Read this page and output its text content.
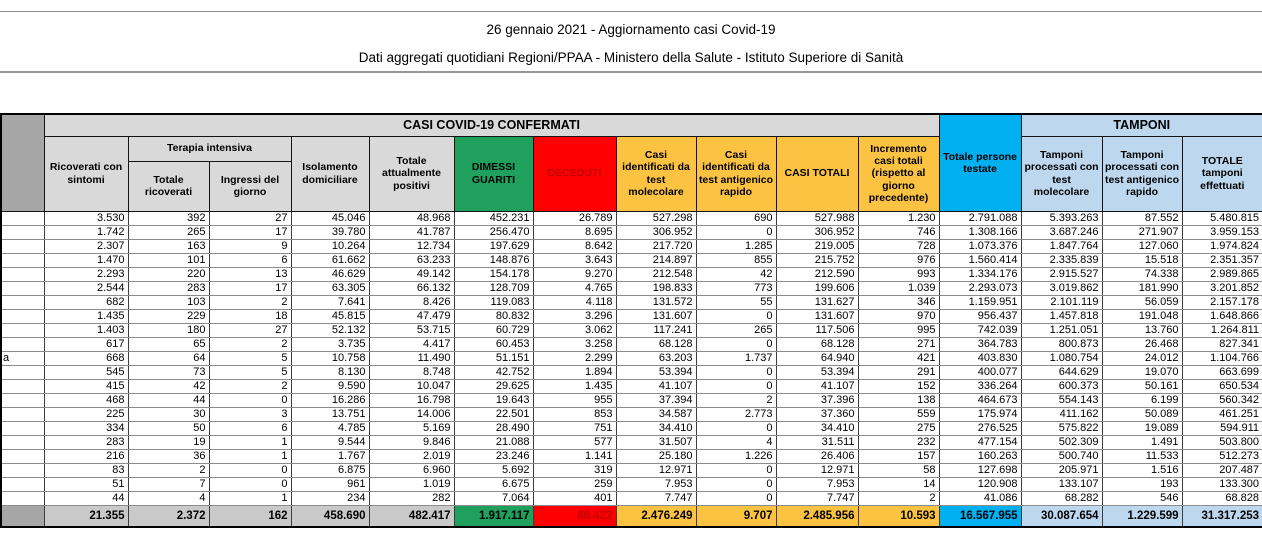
26 gennaio 2021 - Aggiornamento casi Covid-19
Dati aggregati quotidiani Regioni/PPAA - Ministero della Salute - Istituto Superiore di Sanità
	CASI COVID-19 CONFERMATI											Totale persone testate	TAMPONI		
	Ricoverati con sintomi	Terapia intensiva		Isolamento domiciliare	Totale attualmente positivi	DIMESSI GUARITI	DECEDUTI	Casi identificati da test molecolare	Casi identificati da test antigenico rapido	CASI TOTALI	Incremento casi totali (rispetto al giorno precedente)		Tamponi processati con test molecolare	Tamponi processati con test antigenico rapido	TOTALE tamponi effettuati
		Totale ricoverati	Ingressi del giorno												
	3.530	392	27	45.046	48.968	452.231	26.789	527.298	690	527.988	1.230	2.791.088	5.393.263	87.552	5.480.815
	1.742	265	17	39.780	41.787	256.470	8.695	306.952	0	306.952	746	1.308.166	3.687.246	271.907	3.959.153
	2.307	163	9	10.264	12.734	197.629	8.642	217.720	1.285	219.005	728	1.073.376	1.847.764	127.060	1.974.824
	1.470	101	6	61.662	63.233	148.876	3.643	214.897	855	215.752	976	1.560.414	2.335.839	15.518	2.351.357
	2.293	220	13	46.629	49.142	154.178	9.270	212.548	42	212.590	993	1.334.176	2.915.527	74.338	2.989.865
	2.544	283	17	63.305	66.132	128.709	4.765	198.833	773	199.606	1.039	2.293.073	3.019.862	181.990	3.201.852
	682	103	2	7.641	8.426	119.083	4.118	131.572	55	131.627	346	1.159.951	2.101.119	56.059	2.157.178
	1.435	229	18	45.815	47.479	80.832	3.296	131.607	0	131.607	970	956.437	1.457.818	191.048	1.648.866
	1.403	180	27	52.132	53.715	60.729	3.062	117.241	265	117.506	995	742.039	1.251.051	13.760	1.264.811
	617	65	2	3.735	4.417	60.453	3.258	68.128	0	68.128	271	364.783	800.873	26.468	827.341
a	668	64	5	10.758	11.490	51.151	2.299	63.203	1.737	64.940	421	403.830	1.080.754	24.012	1.104.766
	545	73	5	8.130	8.748	42.752	1.894	53.394	0	53.394	291	400.077	644.629	19.070	663.699
	415	42	2	9.590	10.047	29.625	1.435	41.107	0	41.107	152	336.264	600.373	50.161	650.534
	468	44	0	16.286	16.798	19.643	955	37.394	2	37.396	138	464.673	554.143	6.199	560.342
	225	30	3	13.751	14.006	22.501	853	34.587	2.773	37.360	559	175.974	411.162	50.089	461.251
	334	50	6	4.785	5.169	28.490	751	34.410	0	34.410	275	276.525	575.822	19.089	594.911
	283	19	1	9.544	9.846	21.088	577	31.507	4	31.511	232	477.154	502.309	1.491	503.800
	216	36	1	1.767	2.019	23.246	1.141	25.180	1.226	26.406	157	160.263	500.740	11.533	512.273
	83	2	0	6.875	6.960	5.692	319	12.971	0	12.971	58	127.698	205.971	1.516	207.487
	51	7	0	961	1.019	6.675	259	7.953	0	7.953	14	120.908	133.107	193	133.300
	44	4	1	234	282	7.064	401	7.747	0	7.747	2	41.086	68.282	546	68.828
	21.355	2.372	162	458.690	482.417	1.917.117	86.422	2.476.249	9.707	2.485.956	10.593	16.567.955	30.087.654	1.229.599	31.317.253
